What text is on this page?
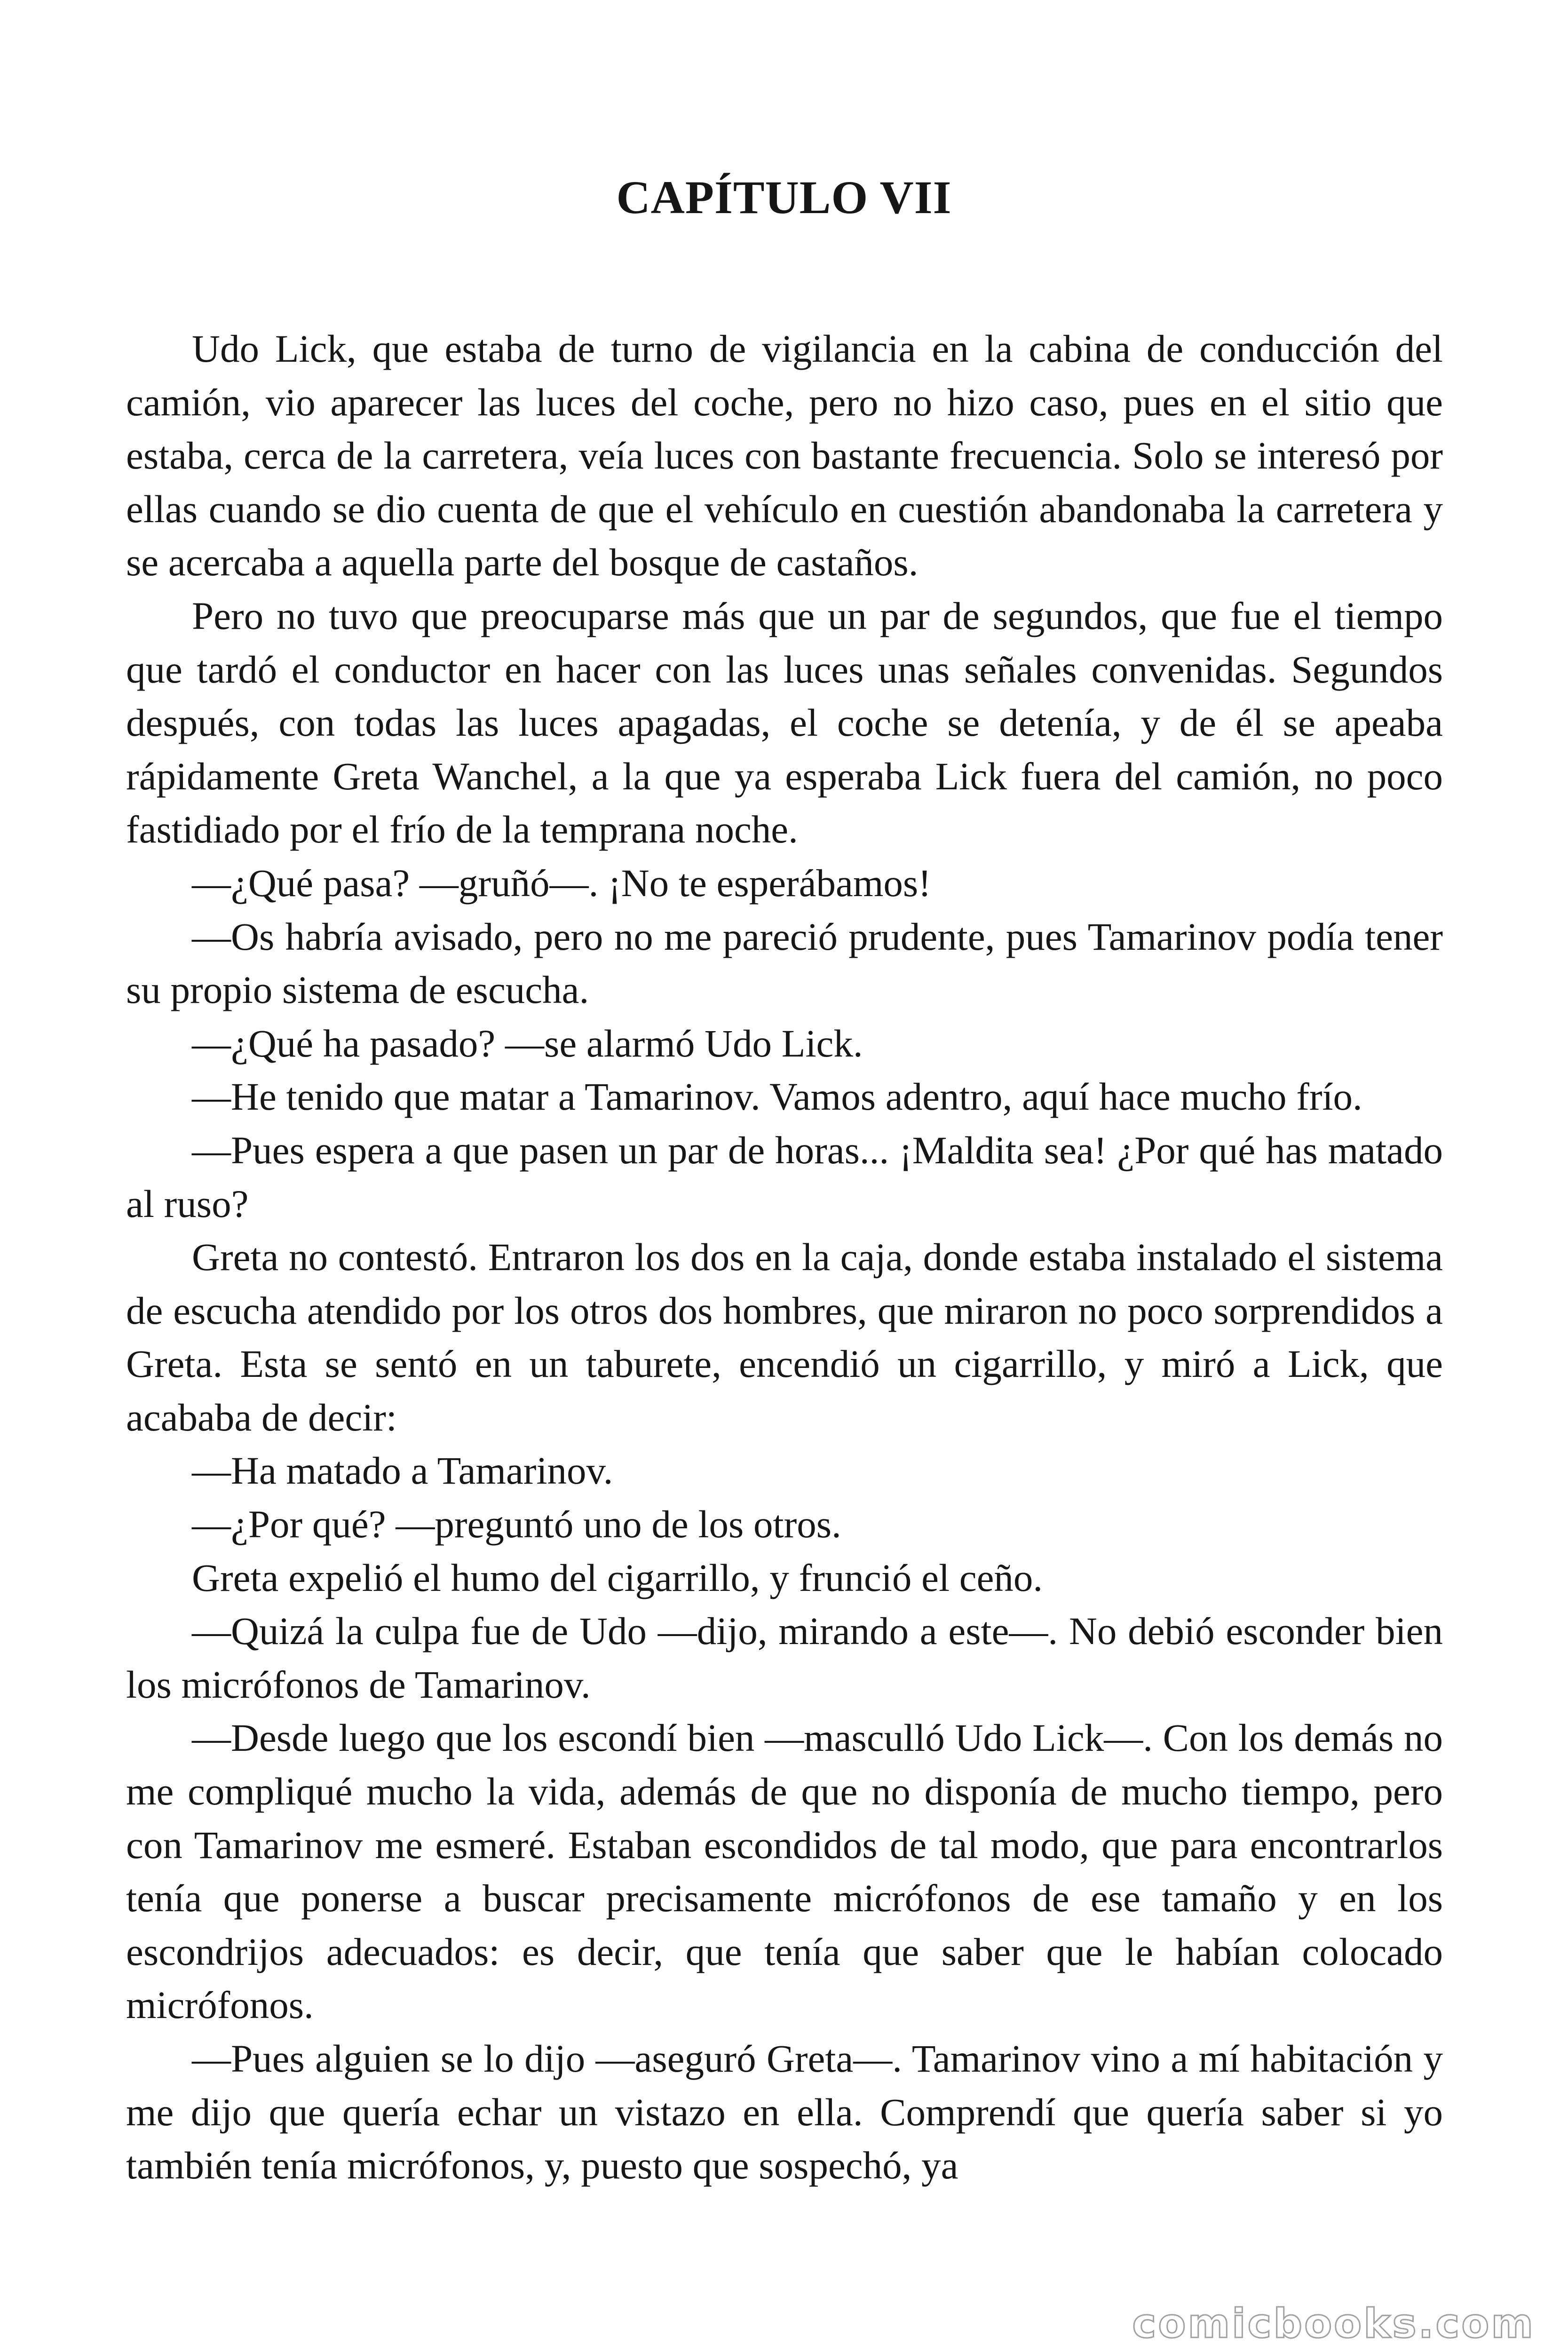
CAPÍTULO VII

Udo Lick, que estaba de turno de vigilancia en la cabina de conducción del camión, vio aparecer las luces del coche, pero no hizo caso, pues en el sitio que estaba, cerca de la carretera, veía luces con bastante frecuencia. Solo se interesó por ellas cuando se dio cuenta de que el vehículo en cuestión abandonaba la carretera y se acercaba a aquella parte del bosque de castaños.

Pero no tuvo que preocuparse más que un par de segundos, que fue el tiempo que tardó el conductor en hacer con las luces unas señales convenidas. Segundos después, con todas las luces apagadas, el coche se detenía, y de él se apeaba rápidamente Greta Wanchel, a la que ya esperaba Lick fuera del camión, no poco fastidiado por el frío de la temprana noche.

—¿Qué pasa? —gruñó—. ¡No te esperábamos!

—Os habría avisado, pero no me pareció prudente, pues Tamarinov podía tener su propio sistema de escucha.

—¿Qué ha pasado? —se alarmó Udo Lick.

—He tenido que matar a Tamarinov. Vamos adentro, aquí hace mucho frío.

—Pues espera a que pasen un par de horas... ¡Maldita sea! ¿Por qué has matado al ruso?

Greta no contestó. Entraron los dos en la caja, donde estaba instalado el sistema de escucha atendido por los otros dos hombres, que miraron no poco sorprendidos a Greta. Esta se sentó en un taburete, encendió un cigarrillo, y miró a Lick, que acababa de decir:

—Ha matado a Tamarinov.

—¿Por qué? —preguntó uno de los otros.

Greta expelió el humo del cigarrillo, y frunció el ceño.

—Quizá la culpa fue de Udo —dijo, mirando a este—. No debió esconder bien los micrófonos de Tamarinov.

—Desde luego que los escondí bien —masculló Udo Lick—. Con los demás no me compliqué mucho la vida, además de que no disponía de mucho tiempo, pero con Tamarinov me esmeré. Estaban escondidos de tal modo, que para encontrarlos tenía que ponerse a buscar precisamente micrófonos de ese tamaño y en los escondrijos adecuados: es decir, que tenía que saber que le habían colocado micrófonos.

—Pues alguien se lo dijo —aseguró Greta—. Tamarinov vino a mí habitación y me dijo que quería echar un vistazo en ella. Comprendí que quería saber si yo también tenía micrófonos, y, puesto que sospechó, ya

comicbooks.com
